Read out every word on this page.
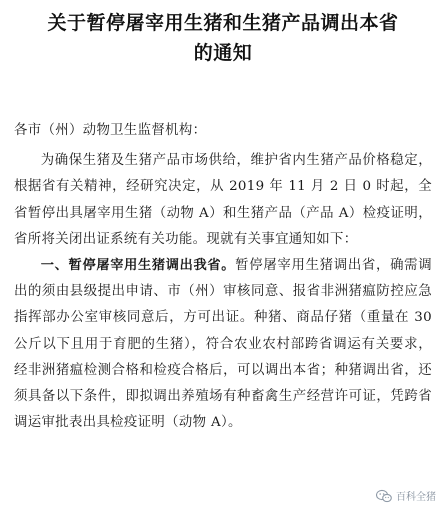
关于暂停屠宰用生猪和生猪产品调出本省
的通知

各市（州）动物卫生监督机构：

为确保生猪及生猪产品市场供给，维护省内生猪产品价格稳定，根据省有关精神，经研究决定，从 2019 年 11 月 2 日 0 时起，全省暂停出具屠宰用生猪（动物 A）和生猪产品（产品 A）检疫证明，省所将关闭出证系统有关功能。现就有关事宜通知如下：

一、暂停屠宰用生猪调出我省。暂停屠宰用生猪调出省，确需调出的须由县级提出申请、市（州）审核同意、报省非洲猪瘟防控应急指挥部办公室审核同意后，方可出证。种猪、商品仔猪（重量在 30 公斤以下且用于育肥的生猪），符合农业农村部跨省调运有关要求，经非洲猪瘟检测合格和检疫合格后，可以调出本省；种猪调出省，还须具备以下条件，即拟调出养殖场有种畜禽生产经营许可证，凭跨省调运审批表出具检疫证明（动物 A）。

百科全猪
